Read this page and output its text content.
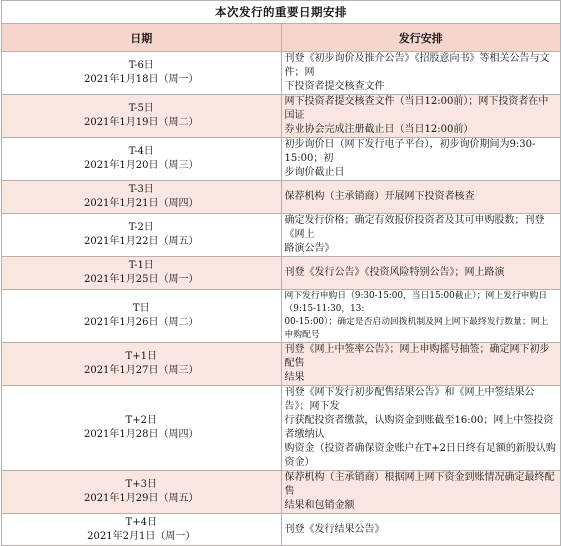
本次发行的重要日期安排	
日期	发行安排

T-6日
2021年1月18日（周一）	刊登《初步询价及推介公告》《招股意向书》等相关公告与文件；网
下投资者提交核查文件

T-5日
2021年1月19日（周二）	网下投资者提交核查文件（当日12:00前）；网下投资者在中国证
券业协会完成注册截止日（当日12:00前）

T-4日
2021年1月20日（周三）	初步询价日（网下发行电子平台），初步询价期间为9:30-15:00；初
步询价截止日

T-3日
2021年1月21日（周四）	保荐机构（主承销商）开展网下投资者核查

T-2日
2021年1月22日（周五）	确定发行价格；确定有效报价投资者及其可申购股数；刊登《网上
路演公告》

T-1日
2021年1月25日（周一）	刊登《发行公告》《投资风险特别公告》；网上路演

T日
2021年1月26日（周二）	网下发行申购日（9:30-15:00，当日15:00截止）；网上发行申购日（9:15-11:30，13:
00-15:00）；确定是否启动回拨机制及网上网下最终发行数量；网上申购配号

T+1日
2021年1月27日（周三）	刊登《网上中签率公告》；网上申购摇号抽签；确定网下初步配售
结果

T+2日
2021年1月28日（周四）	刊登《网下发行初步配售结果公告》和《网上中签结果公告》；网下发
行获配投资者缴款，认购资金到账截至16:00；网上中签投资者缴纳认
购资金（投资者确保资金账户在T+2日日终有足额的新股认购资金）

T+3日
2021年1月29日（周五）	保荐机构（主承销商）根据网上网下资金到账情况确定最终配售
结果和包销金额

T+4日
2021年2月1日（周一）	刊登《发行结果公告》
